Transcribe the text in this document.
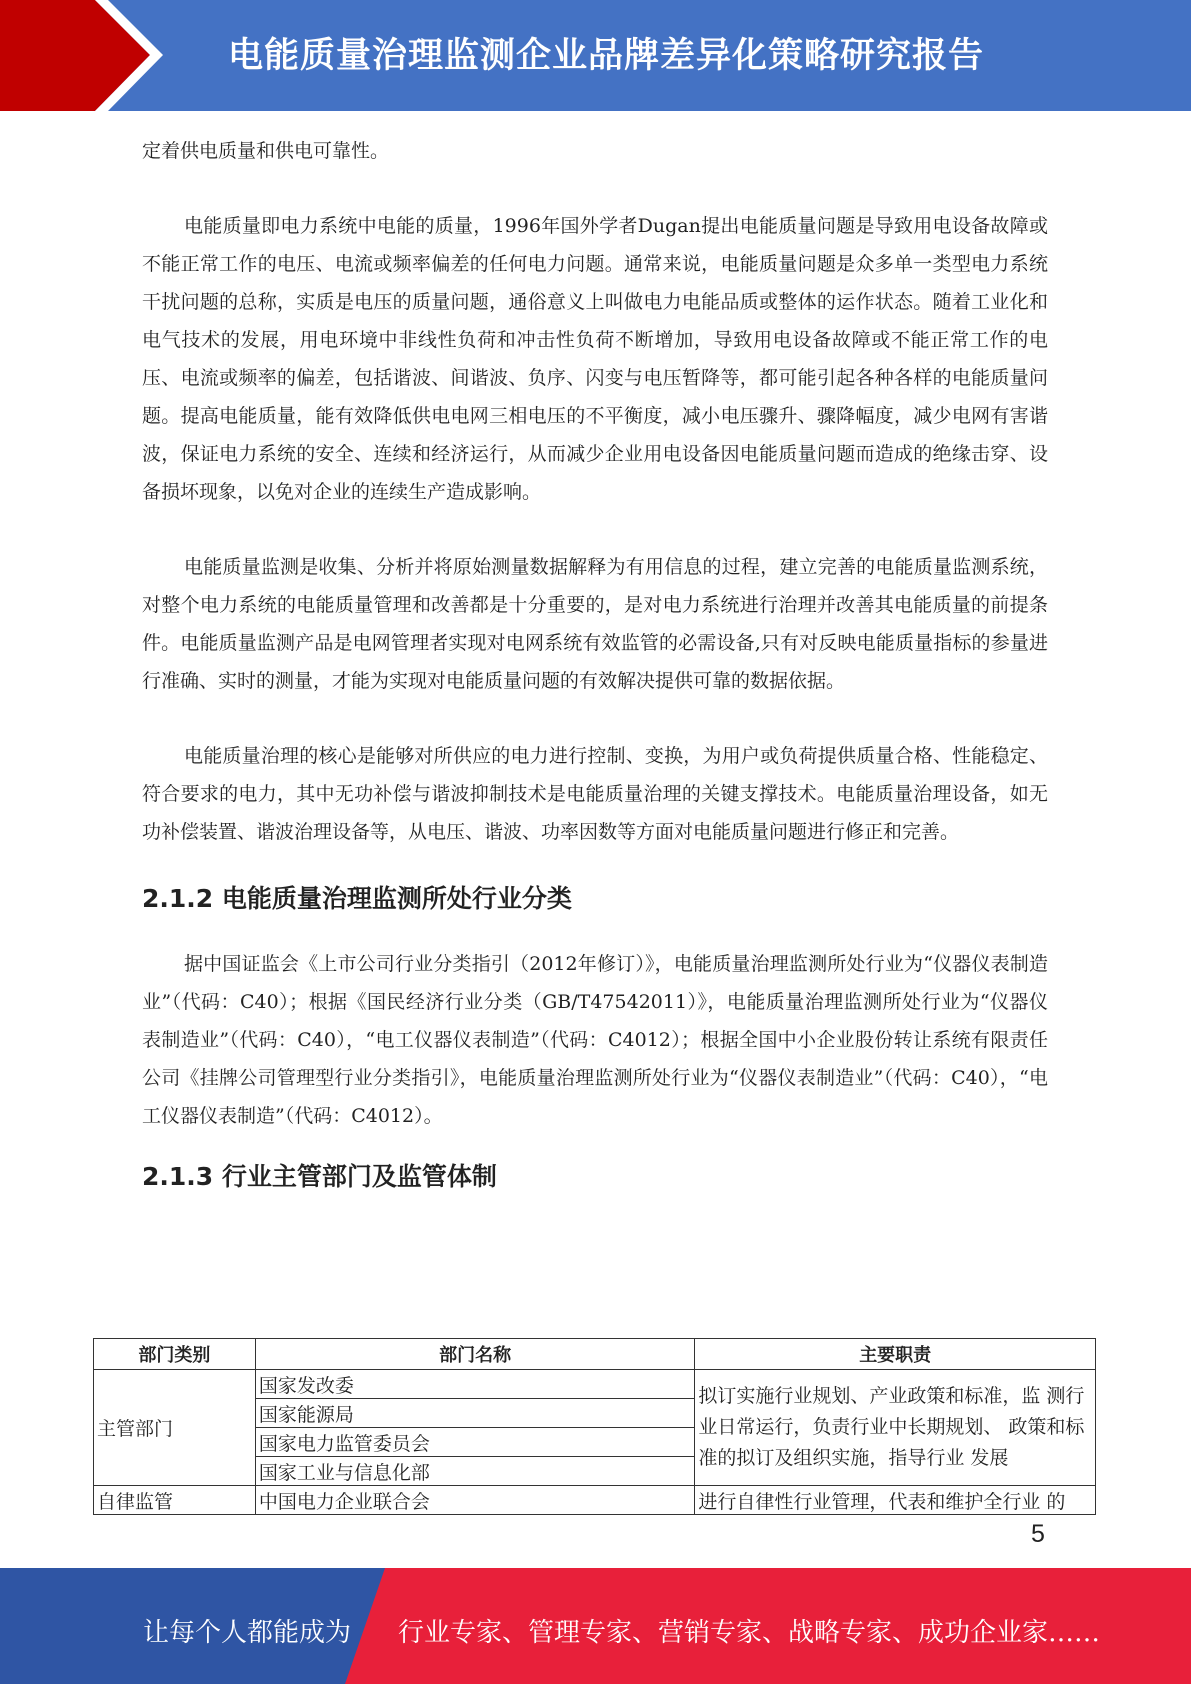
电能质量治理监测企业品牌差异化策略研究报告

定着供电质量和供电可靠性。

电能质量即电力系统中电能的质量，1996年国外学者Dugan提出电能质量问题是导致用电设备故障或不能正常工作的电压、电流或频率偏差的任何电力问题。通常来说，电能质量问题是众多单一类型电力系统干扰问题的总称，实质是电压的质量问题，通俗意义上叫做电力电能品质或整体的运作状态。随着工业化和电气技术的发展，用电环境中非线性负荷和冲击性负荷不断增加，导致用电设备故障或不能正常工作的电压、电流或频率的偏差，包括谐波、间谐波、负序、闪变与电压暂降等，都可能引起各种各样的电能质量问题。提高电能质量，能有效降低供电电网三相电压的不平衡度，减小电压骤升、骤降幅度，减少电网有害谐波，保证电力系统的安全、连续和经济运行，从而减少企业用电设备因电能质量问题而造成的绝缘击穿、设备损坏现象，以免对企业的连续生产造成影响。

电能质量监测是收集、分析并将原始测量数据解释为有用信息的过程，建立完善的电能质量监测系统，对整个电力系统的电能质量管理和改善都是十分重要的，是对电力系统进行治理并改善其电能质量的前提条件。电能质量监测产品是电网管理者实现对电网系统有效监管的必需设备,只有对反映电能质量指标的参量进行准确、实时的测量，才能为实现对电能质量问题的有效解决提供可靠的数据依据。

电能质量治理的核心是能够对所供应的电力进行控制、变换，为用户或负荷提供质量合格、性能稳定、符合要求的电力，其中无功补偿与谐波抑制技术是电能质量治理的关键支撑技术。电能质量治理设备，如无功补偿装置、谐波治理设备等，从电压、谐波、功率因数等方面对电能质量问题进行修正和完善。

2.1.2 电能质量治理监测所处行业分类

据中国证监会《上市公司行业分类指引（2012年修订）》，电能质量治理监测所处行业为“仪器仪表制造业”（代码：C40）；根据《国民经济行业分类（GB/T47542011）》，电能质量治理监测所处行业为“仪器仪表制造业”（代码：C40），“电工仪器仪表制造”（代码：C4012）；根据全国中小企业股份转让系统有限责任公司《挂牌公司管理型行业分类指引》，电能质量治理监测所处行业为“仪器仪表制造业”（代码：C40），“电工仪器仪表制造”（代码：C4012）。

2.1.3 行业主管部门及监管体制
部门类别	部门名称	主要职责
主管部门	国家发改委	拟订实施行业规划、产业政策和标准，监 测行业日常运行，负责行业中长期规划、 政策和标准的拟订及组织实施，指导行业 发展
	国家能源局	
	国家电力监管委员会	
	国家工业与信息化部	
自律监管	中国电力企业联合会	进行自律性行业管理，代表和维护全行业 的
5
让每个人都能成为 行业专家、管理专家、营销专家、战略专家、成功企业家……
